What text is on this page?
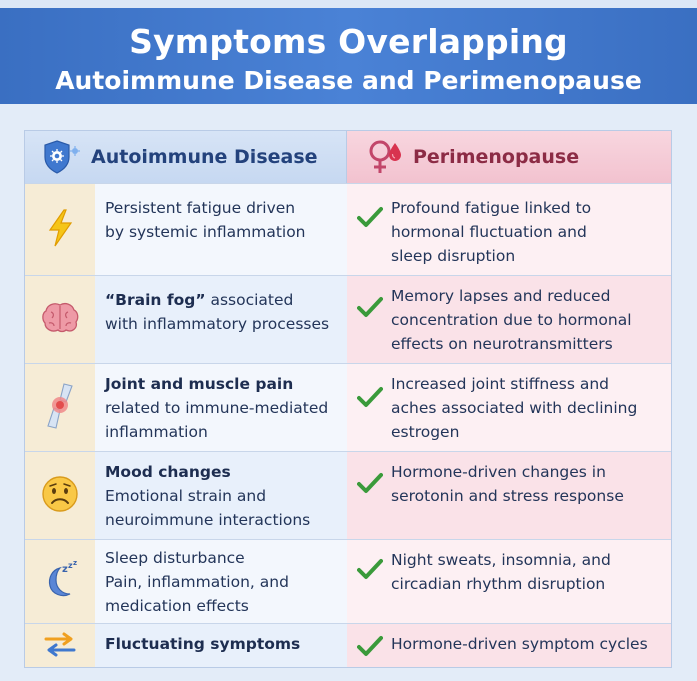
Symptoms Overlapping
Autoimmune Disease and Perimenopause
Autoimmune Disease	Perimenopause
Persistent fatigue driven
by systemic inflammation
Profound fatigue linked to
hormonal fluctuation and
sleep disruption
“Brain fog” associated
with inflammatory processes
Memory lapses and reduced
concentration due to hormonal
effects on neurotransmitters
Joint and muscle pain
related to immune-mediated
inflammation
Increased joint stiffness and
aches associated with declining
estrogen
Mood changes
Emotional strain and
neuroimmune interactions
Hormone-driven changes in
serotonin and stress response
z z z Sleep disturbance
Pain, inflammation, and
medication effects
Night sweats, insomnia, and
circadian rhythm disruption
Fluctuating symptoms	Hormone-driven symptom cycles
